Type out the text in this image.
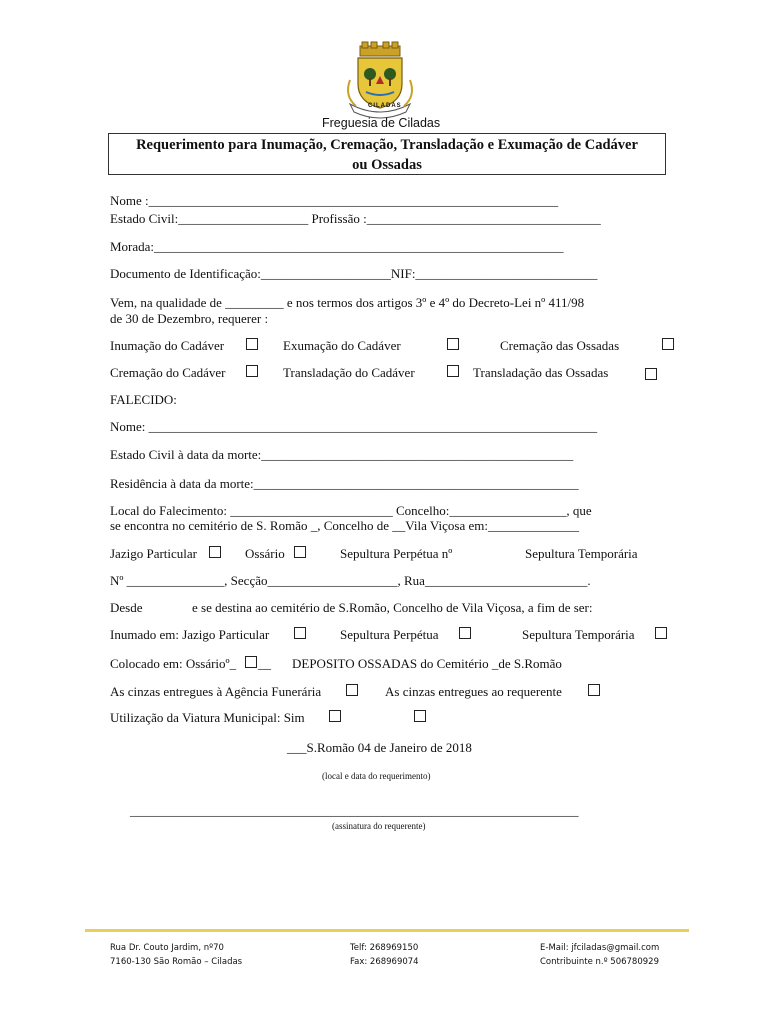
CILADAS
Freguesia de Ciladas
Requerimento para Inumação, Cremação, Transladação e Exumação de Cadáver
ou Ossadas
Nome :_______________________________________________________________
Estado Civil:____________________ Profissão :____________________________________
Morada:_______________________________________________________________
Documento de Identificação:____________________NIF:____________________________
Vem, na qualidade de _________ e nos termos dos artigos 3º e 4º do Decreto-Lei nº 411/98
de 30 de Dezembro, requerer :
Inumação do Cadáver	Exumação do Cadáver	Cremação das Ossadas
Cremação do Cadáver	Transladação do Cadáver	Transladação das Ossadas
FALECIDO:
Nome: _____________________________________________________________________
Estado Civil à data da morte:________________________________________________
Residência à data da morte:__________________________________________________
Local do Falecimento: _________________________ Concelho:__________________, que
se encontra no cemitério de S. Romão _, Concelho de __Vila Viçosa em:______________
Jazigo Particular	Ossário	Sepultura Perpétua nº	Sepultura Temporária
Nº _______________, Secção____________________, Rua_________________________.
Desde	e se destina ao cemitério de S.Romão, Concelho de Vila Viçosa, a fim de ser:
Inumado em: Jazigo Particular	Sepultura Perpétua	Sepultura Temporária
Colocado em: Ossárioº_ __ DEPOSITO OSSADAS do Cemitério _de S.Romão
As cinzas entregues à Agência Funerária	As cinzas entregues ao requerente
Utilização da Viatura Municipal: Sim
___S.Romão 04 de Janeiro de 2018
(local e data do requerimento)
_____________________________________________________________________
(assinatura do requerente)
Rua Dr. Couto Jardim, nº70
7160-130 São Romão – Ciladas
Telf: 268969150
Fax: 268969074
E-Mail: jfciladas@gmail.com
Contribuinte n.º 506780929
